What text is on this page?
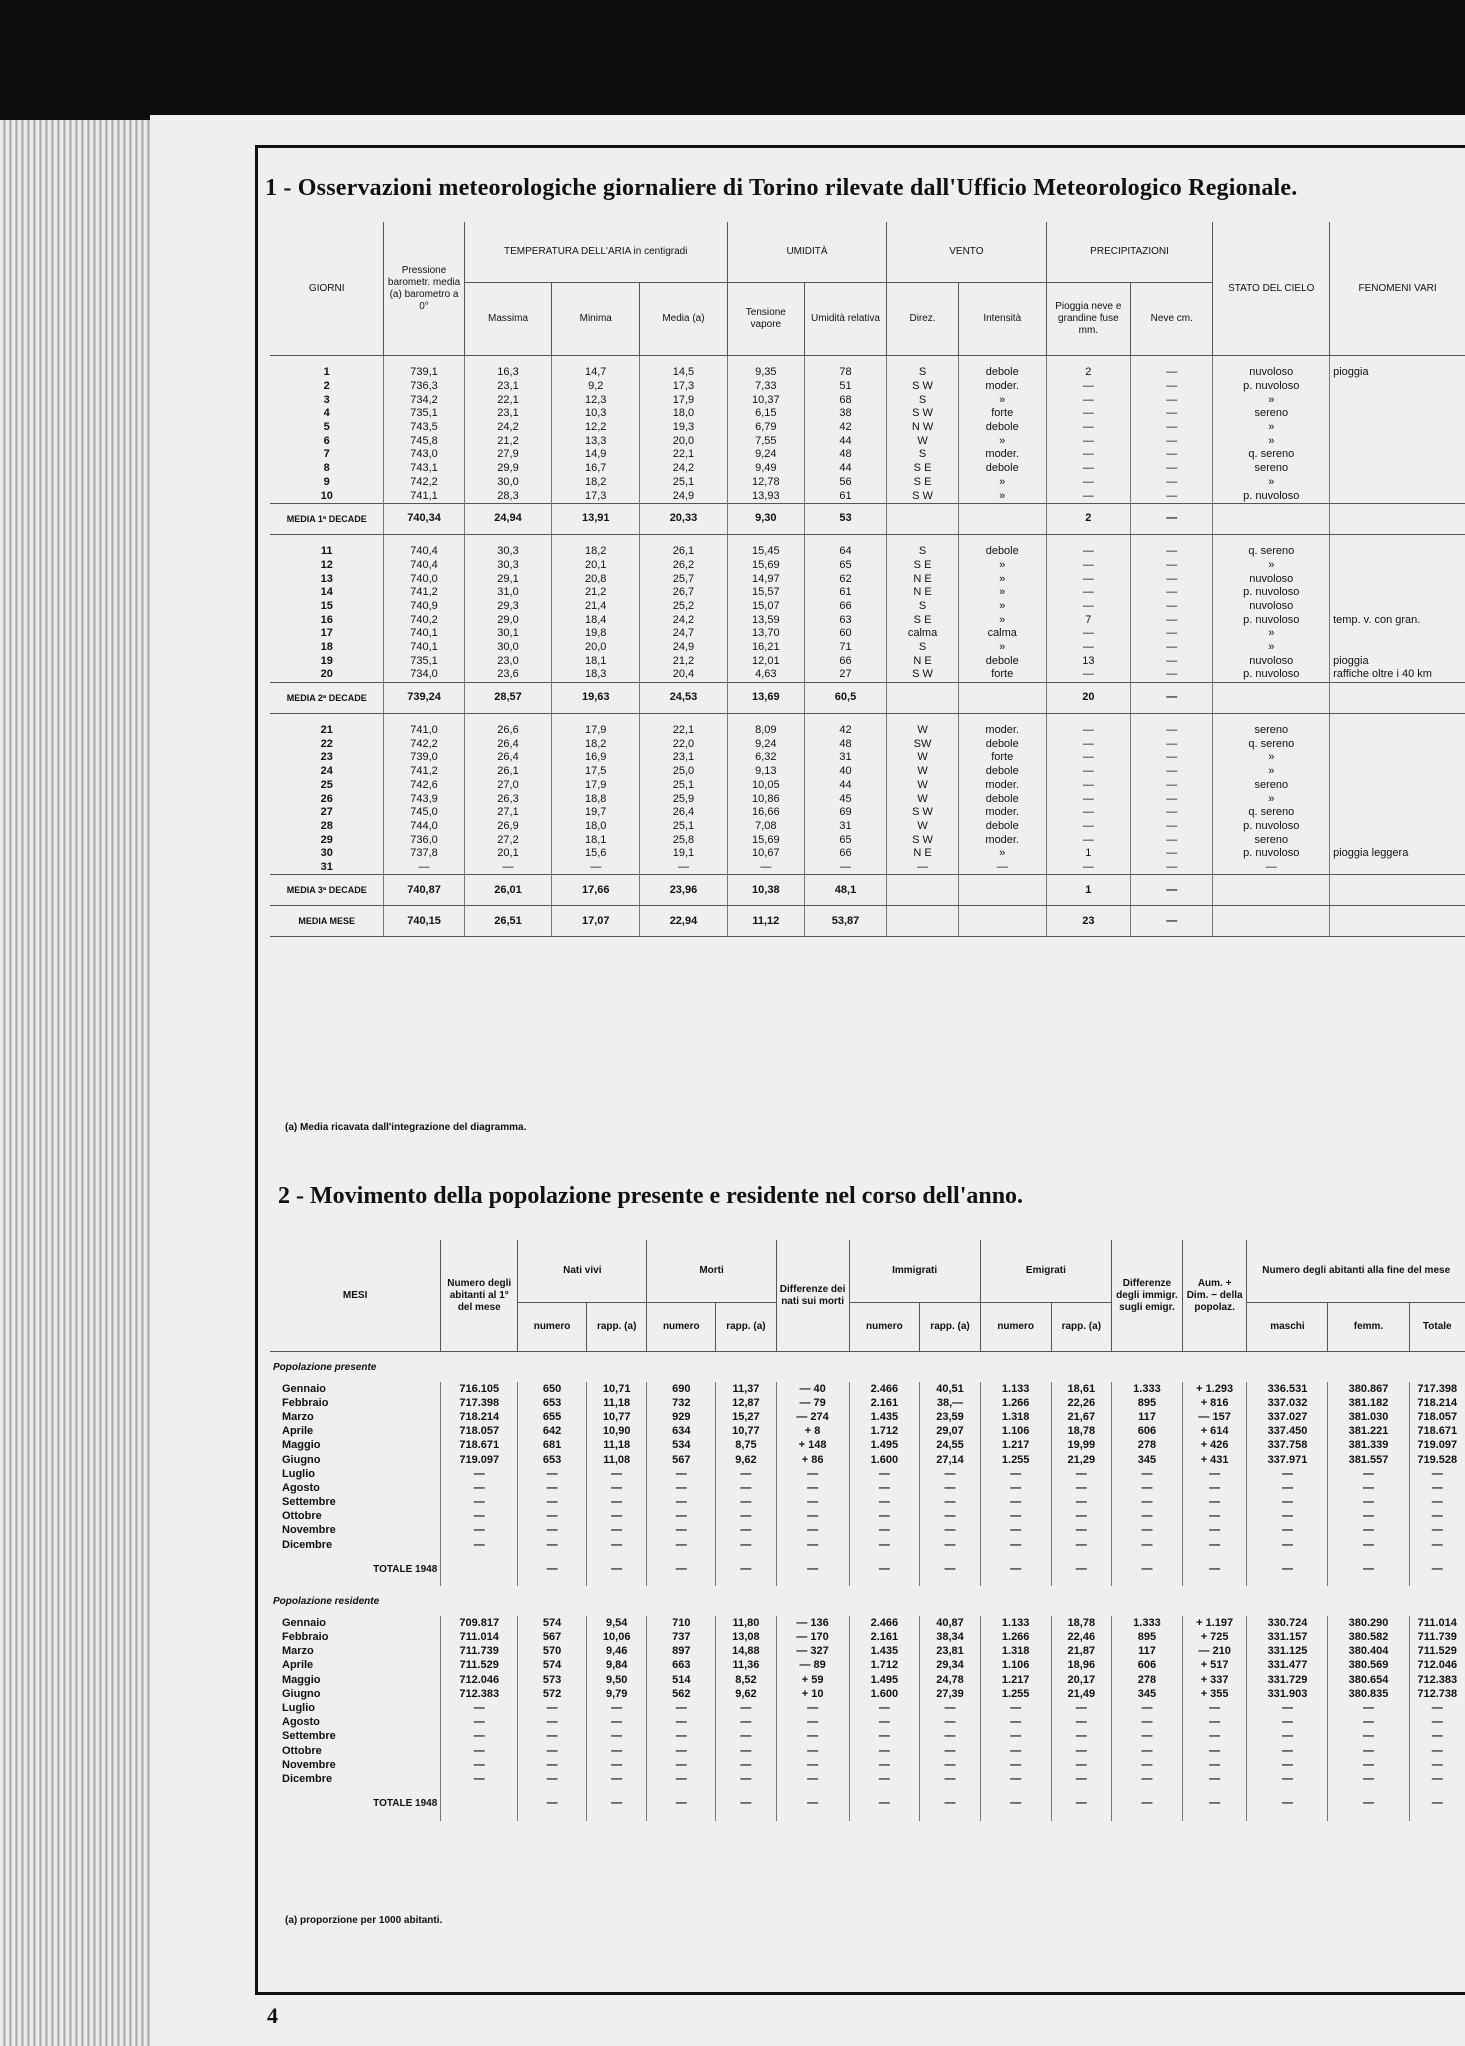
1 - Osservazioni meteorologiche giornaliere di Torino rilevate dall'Ufficio Meteorologico Regionale.
GIORNI	Pressione barometr. media (a) barometro a 0°	TEMPERATURA DELL'ARIA in centigradi			UMIDITÀ		VENTO		PRECIPITAZIONI		STATO DEL CIELO	FENOMENI VARI
		Massima	Minima	Media (a)	Tensione vapore	Umidità relativa	Direz.	Intensità	Pioggia neve e grandine fuse mm.	Neve cm.		

1	739,1	16,3	14,7	14,5	9,35	78	S	debole	2	—	nuvoloso	pioggia
2	736,3	23,1	9,2	17,3	7,33	51	S W	moder.	—	—	p. nuvoloso	
3	734,2	22,1	12,3	17,9	10,37	68	S	»	—	—	»	
4	735,1	23,1	10,3	18,0	6,15	38	S W	forte	—	—	sereno	
5	743,5	24,2	12,2	19,3	6,79	42	N W	debole	—	—	»	
6	745,8	21,2	13,3	20,0	7,55	44	W	»	—	—	»	
7	743,0	27,9	14,9	22,1	9,24	48	S	moder.	—	—	q. sereno	
8	743,1	29,9	16,7	24,2	9,49	44	S E	debole	—	—	sereno	
9	742,2	30,0	18,2	25,1	12,78	56	S E	»	—	—	»	
10	741,1	28,3	17,3	24,9	13,93	61	S W	»	—	—	p. nuvoloso	
MEDIA 1ª DECADE	740,34	24,94	13,91	20,33	9,30	53			2	—		

11	740,4	30,3	18,2	26,1	15,45	64	S	debole	—	—	q. sereno	
12	740,4	30,3	20,1	26,2	15,69	65	S E	»	—	—	»	
13	740,0	29,1	20,8	25,7	14,97	62	N E	»	—	—	nuvoloso	
14	741,2	31,0	21,2	26,7	15,57	61	N E	»	—	—	p. nuvoloso	
15	740,9	29,3	21,4	25,2	15,07	66	S	»	—	—	nuvoloso	
16	740,2	29,0	18,4	24,2	13,59	63	S E	»	7	—	p. nuvoloso	temp. v. con gran.
17	740,1	30,1	19,8	24,7	13,70	60	calma	calma	—	—	»	
18	740,1	30,0	20,0	24,9	16,21	71	S	»	—	—	»	
19	735,1	23,0	18,1	21,2	12,01	66	N E	debole	13	—	nuvoloso	pioggia
20	734,0	23,6	18,3	20,4	4,63	27	S W	forte	—	—	p. nuvoloso	raffiche oltre i 40 km
MEDIA 2ª DECADE	739,24	28,57	19,63	24,53	13,69	60,5			20	—		

21	741,0	26,6	17,9	22,1	8,09	42	W	moder.	—	—	sereno	
22	742,2	26,4	18,2	22,0	9,24	48	SW	debole	—	—	q. sereno	
23	739,0	26,4	16,9	23,1	6,32	31	W	forte	—	—	»	
24	741,2	26,1	17,5	25,0	9,13	40	W	debole	—	—	»	
25	742,6	27,0	17,9	25,1	10,05	44	W	moder.	—	—	sereno	
26	743,9	26,3	18,8	25,9	10,86	45	W	debole	—	—	»	
27	745,0	27,1	19,7	26,4	16,66	69	S W	moder.	—	—	q. sereno	
28	744,0	26,9	18,0	25,1	7,08	31	W	debole	—	—	p. nuvoloso	
29	736,0	27,2	18,1	25,8	15,69	65	S W	moder.	—	—	sereno	
30	737,8	20,1	15,6	19,1	10,67	66	N E	»	1	—	p. nuvoloso	pioggia leggera
31	—	—	—	—	—	—	—	—	—	—	—	
MEDIA 3ª DECADE	740,87	26,01	17,66	23,96	10,38	48,1			1	—		
MEDIA MESE	740,15	26,51	17,07	22,94	11,12	53,87			23	—		
(a) Media ricavata dall'integrazione del diagramma.
2 - Movimento della popolazione presente e residente nel corso dell'anno.
MESI	Numero degli abitanti al 1° del mese	Nati vivi		Morti		Differenze dei nati sui morti	Immigrati		Emigrati		Differenze degli immigr. sugli emigr.	Aum. + Dim. − della popolaz.	Numero degli abitanti alla fine del mese		
		numero	rapp. (a)	numero	rapp. (a)		numero	rapp. (a)	numero	rapp. (a)			maschi	femm.	Totale
Popolazione presente															
Gennaio	716.105	650	10,71	690	11,37	— 40	2.466	40,51	1.133	18,61	1.333	+ 1.293	336.531	380.867	717.398
Febbraio	717.398	653	11,18	732	12,87	— 79	2.161	38,—	1.266	22,26	895	+ 816	337.032	381.182	718.214
Marzo	718.214	655	10,77	929	15,27	— 274	1.435	23,59	1.318	21,67	117	— 157	337.027	381.030	718.057
Aprile	718.057	642	10,90	634	10,77	+ 8	1.712	29,07	1.106	18,78	606	+ 614	337.450	381.221	718.671
Maggio	718.671	681	11,18	534	8,75	+ 148	1.495	24,55	1.217	19,99	278	+ 426	337.758	381.339	719.097
Giugno	719.097	653	11,08	567	9,62	+ 86	1.600	27,14	1.255	21,29	345	+ 431	337.971	381.557	719.528
Luglio	—	—	—	—	—	—	—	—	—	—	—	—	—	—	—
Agosto	—	—	—	—	—	—	—	—	—	—	—	—	—	—	—
Settembre	—	—	—	—	—	—	—	—	—	—	—	—	—	—	—
Ottobre	—	—	—	—	—	—	—	—	—	—	—	—	—	—	—
Novembre	—	—	—	—	—	—	—	—	—	—	—	—	—	—	—
Dicembre	—	—	—	—	—	—	—	—	—	—	—	—	—	—	—
TOTALE 1948		—	—	—	—	—	—	—	—	—	—	—	—	—	—
Popolazione residente															
Gennaio	709.817	574	9,54	710	11,80	— 136	2.466	40,87	1.133	18,78	1.333	+ 1.197	330.724	380.290	711.014
Febbraio	711.014	567	10,06	737	13,08	— 170	2.161	38,34	1.266	22,46	895	+ 725	331.157	380.582	711.739
Marzo	711.739	570	9,46	897	14,88	— 327	1.435	23,81	1.318	21,87	117	— 210	331.125	380.404	711.529
Aprile	711.529	574	9,84	663	11,36	— 89	1.712	29,34	1.106	18,96	606	+ 517	331.477	380.569	712.046
Maggio	712.046	573	9,50	514	8,52	+ 59	1.495	24,78	1.217	20,17	278	+ 337	331.729	380.654	712.383
Giugno	712.383	572	9,79	562	9,62	+ 10	1.600	27,39	1.255	21,49	345	+ 355	331.903	380.835	712.738
Luglio	—	—	—	—	—	—	—	—	—	—	—	—	—	—	—
Agosto	—	—	—	—	—	—	—	—	—	—	—	—	—	—	—
Settembre	—	—	—	—	—	—	—	—	—	—	—	—	—	—	—
Ottobre	—	—	—	—	—	—	—	—	—	—	—	—	—	—	—
Novembre	—	—	—	—	—	—	—	—	—	—	—	—	—	—	—
Dicembre	—	—	—	—	—	—	—	—	—	—	—	—	—	—	—
TOTALE 1948		—	—	—	—	—	—	—	—	—	—	—	—	—	—
(a) proporzione per 1000 abitanti.
4
